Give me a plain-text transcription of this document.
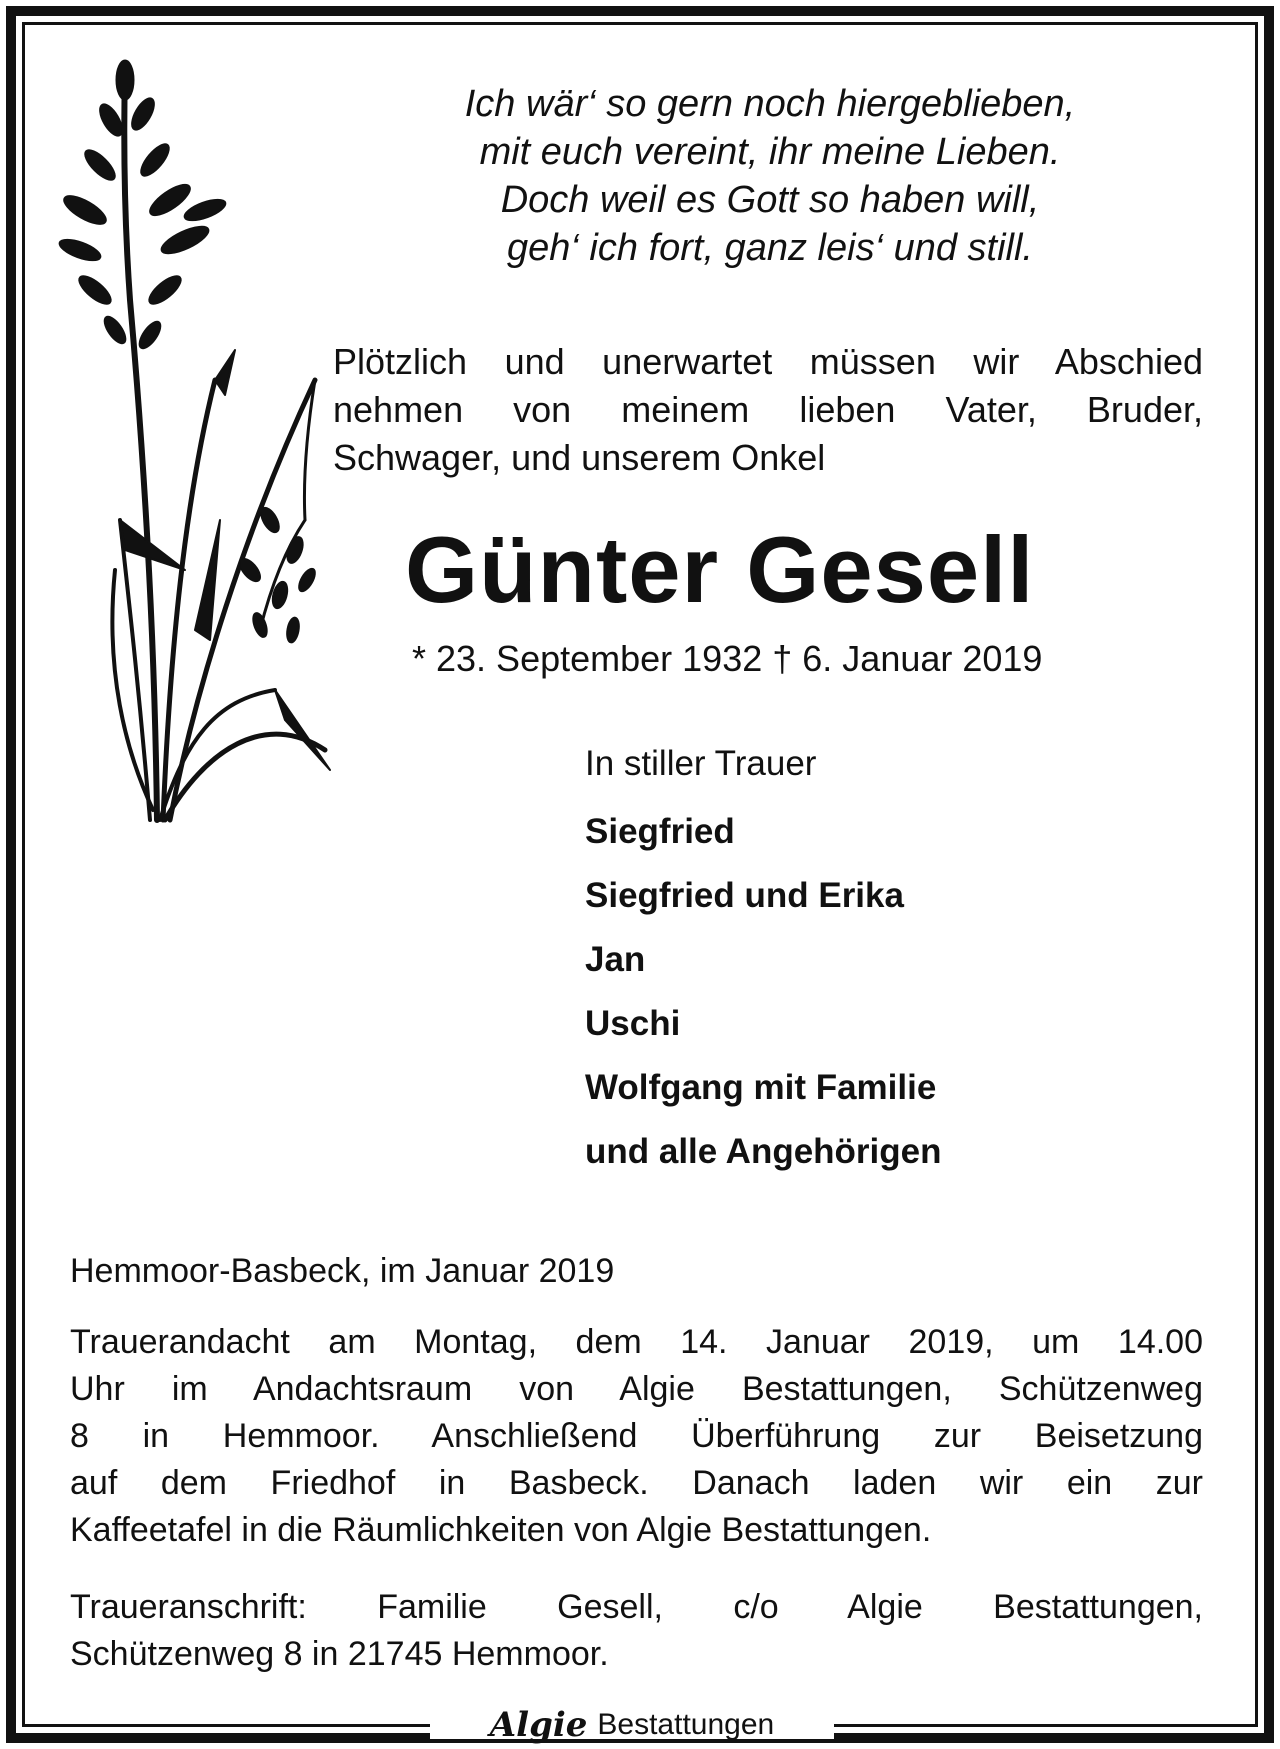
Ich wär‘ so gern noch hiergeblieben,
mit euch vereint, ihr meine Lieben.
Doch weil es Gott so haben will,
geh‘ ich fort, ganz leis‘ und still.
Plötzlich und unerwartet müssen wir Abschied
nehmen von meinem lieben Vater, Bruder,
Schwager, und unserem Onkel
Günter Gesell
* 23. September 1932 † 6. Januar 2019
In stiller Trauer
Siegfried
Siegfried und Erika
Jan
Uschi
Wolfgang mit Familie
und alle Angehörigen
Hemmoor-Basbeck, im Januar 2019
Trauerandacht am Montag, dem 14. Januar 2019, um 14.00
Uhr im Andachtsraum von Algie Bestattungen, Schützenweg
8 in Hemmoor. Anschließend Überführung zur Beisetzung
auf dem Friedhof in Basbeck. Danach laden wir ein zur
Kaffeetafel in die Räumlichkeiten von Algie Bestattungen.
Traueranschrift: Familie Gesell, c/o Algie Bestattungen,
Schützenweg 8 in 21745 Hemmoor.
Algie Bestattungen
